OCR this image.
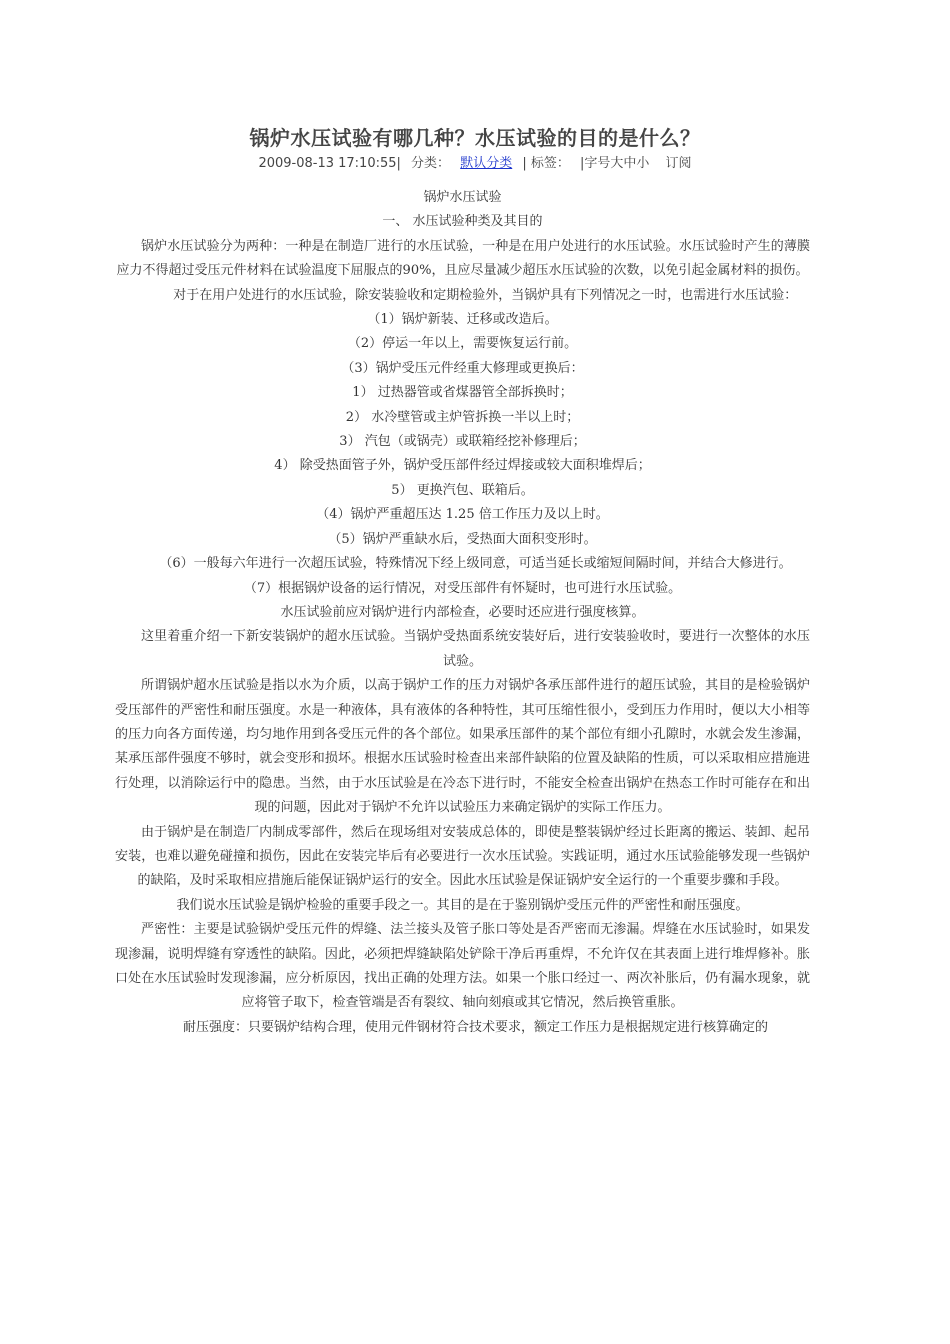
锅炉水压试验有哪几种？水压试验的目的是什么？
2009-08-13 17:10:55| 分类： 默认分类 | 标签： |字号大中小 订阅

锅炉水压试验

一、 水压试验种类及其目的

锅炉水压试验分为两种：一种是在制造厂进行的水压试验，一种是在用户处进行的水压试验。水压试验时产生的薄膜应力不得超过受压元件材料在试验温度下屈服点的90%，且应尽量减少超压水压试验的次数，以免引起金属材料的损伤。

对于在用户处进行的水压试验，除安装验收和定期检验外，当锅炉具有下列情况之一时，也需进行水压试验：

（1）锅炉新装、迁移或改造后。

（2）停运一年以上，需要恢复运行前。

（3）锅炉受压元件经重大修理或更换后：

1） 过热器管或省煤器管全部拆换时；

2） 水冷壁管或主炉管拆换一半以上时；

3） 汽包（或锅壳）或联箱经挖补修理后；

4） 除受热面管子外，锅炉受压部件经过焊接或较大面积堆焊后；

5） 更换汽包、联箱后。

（4）锅炉严重超压达 1.25 倍工作压力及以上时。

（5）锅炉严重缺水后，受热面大面积变形时。

（6）一般每六年进行一次超压试验，特殊情况下经上级同意，可适当延长或缩短间隔时间，并结合大修进行。

（7）根据锅炉设备的运行情况，对受压部件有怀疑时，也可进行水压试验。

水压试验前应对锅炉进行内部检查，必要时还应进行强度核算。

这里着重介绍一下新安装锅炉的超水压试验。当锅炉受热面系统安装好后，进行安装验收时，要进行一次整体的水压试验。

所谓锅炉超水压试验是指以水为介质，以高于锅炉工作的压力对锅炉各承压部件进行的超压试验，其目的是检验锅炉受压部件的严密性和耐压强度。水是一种液体，具有液体的各种特性，其可压缩性很小，受到压力作用时，便以大小相等的压力向各方面传递，均匀地作用到各受压元件的各个部位。如果承压部件的某个部位有细小孔隙时，水就会发生渗漏，某承压部件强度不够时，就会变形和损坏。根据水压试验时检查出来部件缺陷的位置及缺陷的性质，可以采取相应措施进行处理，以消除运行中的隐患。当然，由于水压试验是在冷态下进行时，不能安全检查出锅炉在热态工作时可能存在和出现的问题，因此对于锅炉不允许以试验压力来确定锅炉的实际工作压力。

由于锅炉是在制造厂内制成零部件，然后在现场组对安装成总体的，即使是整装锅炉经过长距离的搬运、装卸、起吊安装，也难以避免碰撞和损伤，因此在安装完毕后有必要进行一次水压试验。实践证明，通过水压试验能够发现一些锅炉的缺陷，及时采取相应措施后能保证锅炉运行的安全。因此水压试验是保证锅炉安全运行的一个重要步骤和手段。

我们说水压试验是锅炉检验的重要手段之一。其目的是在于鉴别锅炉受压元件的严密性和耐压强度。

严密性：主要是试验锅炉受压元件的焊缝、法兰接头及管子胀口等处是否严密而无渗漏。焊缝在水压试验时，如果发现渗漏，说明焊缝有穿透性的缺陷。因此，必须把焊缝缺陷处铲除干净后再重焊，不允许仅在其表面上进行堆焊修补。胀口处在水压试验时发现渗漏，应分析原因，找出正确的处理方法。如果一个胀口经过一、两次补胀后，仍有漏水现象，就应将管子取下，检查管端是否有裂纹、轴向刻痕或其它情况，然后换管重胀。

耐压强度：只要锅炉结构合理，使用元件钢材符合技术要求，额定工作压力是根据规定进行核算确定的
